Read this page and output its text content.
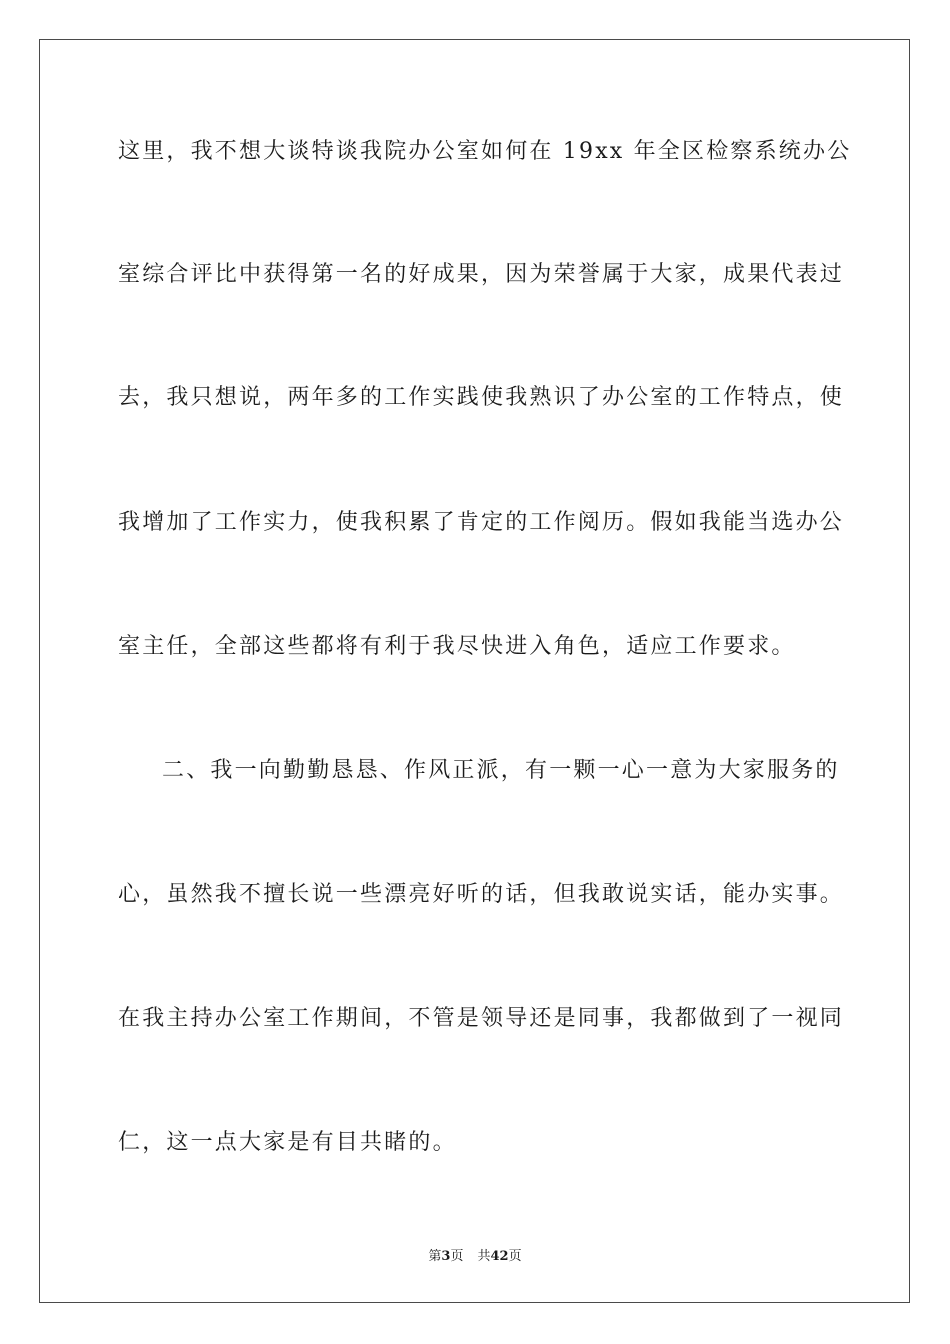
这里，我不想大谈特谈我院办公室如何在 19xx 年全区检察系统办公
室综合评比中获得第一名的好成果，因为荣誉属于大家，成果代表过
去，我只想说，两年多的工作实践使我熟识了办公室的工作特点，使
我增加了工作实力，使我积累了肯定的工作阅历。假如我能当选办公
室主任，全部这些都将有利于我尽快进入角色，适应工作要求。
二、我一向勤勤恳恳、作风正派，有一颗一心一意为大家服务的
心，虽然我不擅长说一些漂亮好听的话，但我敢说实话，能办实事。
在我主持办公室工作期间，不管是领导还是同事，我都做到了一视同
仁，这一点大家是有目共睹的。
第3页 共42页
